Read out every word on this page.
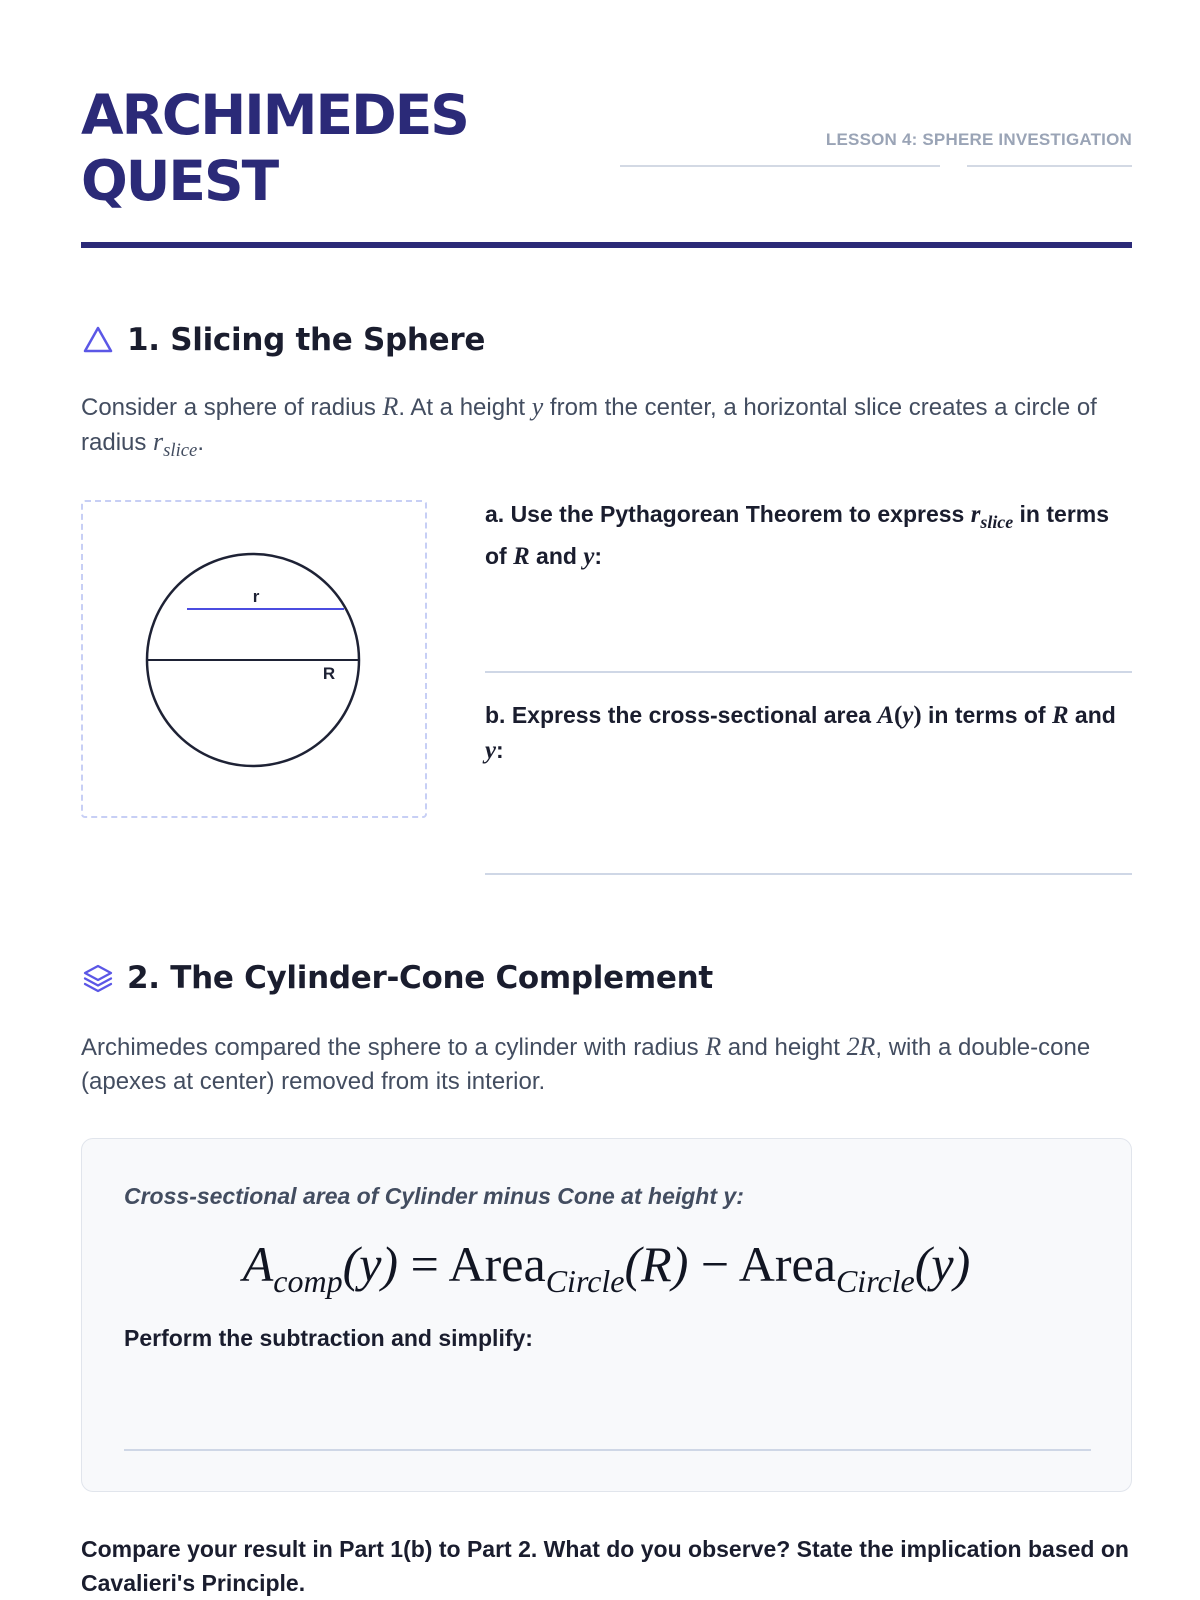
ARCHIMEDES
QUEST
LESSON 4: SPHERE INVESTIGATION
1. Slicing the Sphere

Consider a sphere of radius R. At a height y from the center, a horizontal slice creates a circle of radius $r_{slice}$.

r
R

a. Use the Pythagorean Theorem to express $r_{slice}$ in terms of R and y:

b. Express the cross-sectional area A(y) in terms of R and y:

2. The Cylinder-Cone Complement

Archimedes compared the sphere to a cylinder with radius R and height 2R, with a double-cone (apexes at center) removed from its interior.

Cross-sectional area of Cylinder minus Cone at height y:

$A_{comp}(y)$ = Area$_{Circle}$(R) − Area$_{Circle}$(y)

Perform the subtraction and simplify:

Compare your result in Part 1(b) to Part 2. What do you observe? State the implication based on Cavalieri's Principle.
